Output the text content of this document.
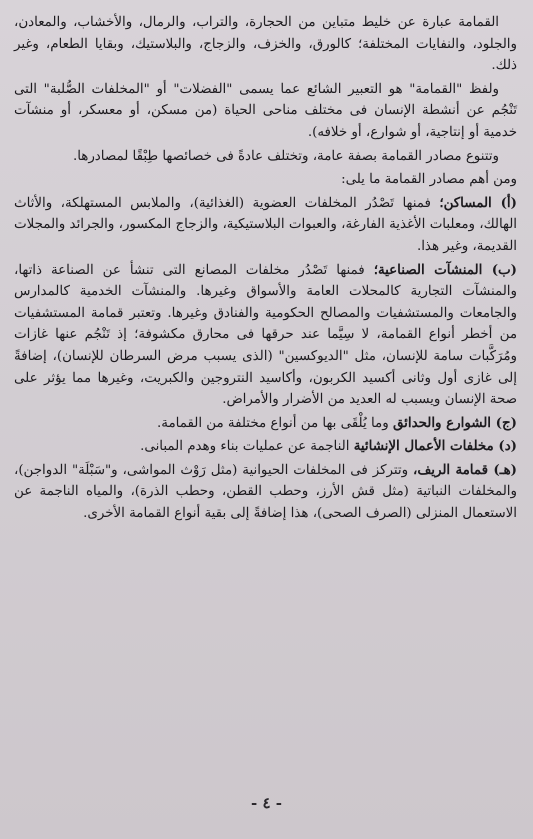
القمامة عبارة عن خليط متباين من الحجارة، والتراب، والرمال، والأخشاب، والمعادن، والجلود، والنفايات المختلفة؛ كالورق، والخزف، والزجاج، والبلاستيك، وبقايا الطعام، وغير ذلك.

ولفظ "القمامة" هو التعبير الشائع عما يسمى "الفضلات" أو "المخلفات الصُّلبة" التى تَنْجُم عن أنشطة الإنسان فى مختلف مناحى الحياة (من مسكن، أو معسكر، أو منشآت خدمية أو إنتاجية، أو شوارع، أو خلافه).

وتتنوع مصادر القمامة بصفة عامة، وتختلف عادةً فى خصائصها طِبْقًا لمصادرها.

ومن أهم مصادر القمامة ما يلى:

(أ) المساكن؛ فمنها تَصْدُر المخلفات العضوية (الغذائية)، والملابس المستهلكة، والأثاث الهالك، ومعلبات الأغذية الفارغة، والعبوات البلاستيكية، والزجاج المكسور، والجرائد والمجلات القديمة، وغير هذا.

(ب) المنشآت الصناعية؛ فمنها تَصْدُر مخلفات المصانع التى تنشأ عن الصناعة ذاتها، والمنشآت التجارية كالمحلات العامة والأسواق وغيرها. والمنشآت الخدمية كالمدارس والجامعات والمستشفيات والمصالح الحكومية والفنادق وغيرها. وتعتبر قمامة المستشفيات من أخطر أنواع القمامة، لا سِيَّما عند حرقها فى محارق مكشوفة؛ إذ تَنْجُم عنها غازات ومُرَكَّبات سامة للإنسان، مثل "الديوكسين" (الذى يسبب مرض السرطان للإنسان)، إضافةً إلى غازى أول وثانى أكسيد الكربون، وأكاسيد النتروجين والكبريت، وغيرها مما يؤثر على صحة الإنسان ويسبب له العديد من الأضرار والأمراض.

(ج) الشوارع والحدائق وما يُلْقَى بها من أنواع مختلفة من القمامة.

(د) مخلفات الأعمال الإنشائية الناجمة عن عمليات بناء وهدم المبانى.

(هـ) قمامة الريف، وتتركز فى المخلفات الحيوانية (مثل رَوْث المواشى، و"سَبْلَة" الدواجن)، والمخلفات النباتية (مثل قش الأرز، وحطب القطن، وحطب الذرة)، والمياه الناجمة عن الاستعمال المنزلى (الصرف الصحى)، هذا إضافةً إلى بقية أنواع القمامة الأخرى.

- ٤ -
